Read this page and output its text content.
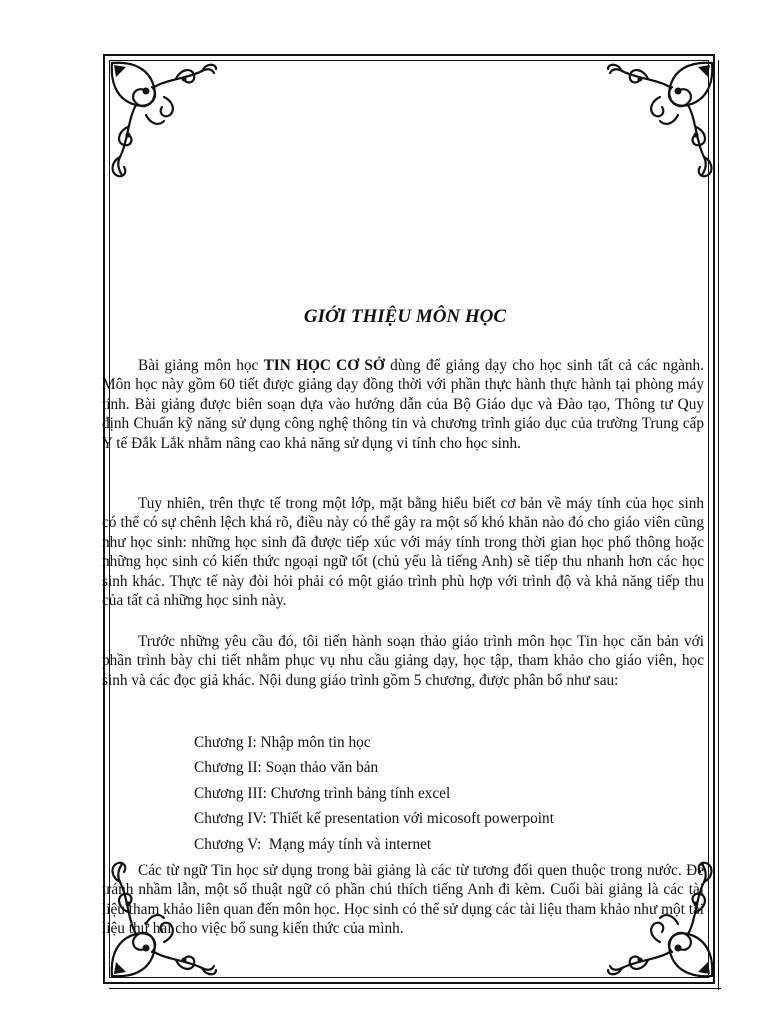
GIỚI THIỆU MÔN HỌC

Bài giảng môn học TIN HỌC CƠ SỞ dùng để giảng dạy cho học sinh tất cả các ngành. Môn học này gồm 60 tiết được giảng dạy đồng thời với phần thực hành thực hành tại phòng máy tính. Bài giảng được biên soạn dựa vào hướng dẫn của Bộ Giáo dục và Đào tạo, Thông tư Quy định Chuẩn kỹ năng sử dụng công nghệ thông tin và chương trình giáo dục của trường Trung cấp Y tế Đắk Lắk nhằm nâng cao khả năng sử dụng vi tính cho học sinh.

Tuy nhiên, trên thực tế trong một lớp, mặt bằng hiểu biết cơ bản về máy tính của học sinh có thể có sự chênh lệch khá rõ, điều này có thể gây ra một số khó khăn nào đó cho giáo viên cũng như học sinh: những học sinh đã được tiếp xúc với máy tính trong thời gian học phổ thông hoặc những học sinh có kiến thức ngoại ngữ tốt (chủ yếu là tiếng Anh) sẽ tiếp thu nhanh hơn các học sinh khác. Thực tế này đòi hỏi phải có một giáo trình phù hợp với trình độ và khả năng tiếp thu của tất cả những học sinh này.

Trước những yêu cầu đó, tôi tiến hành soạn thảo giáo trình môn học Tin học căn bản với phần trình bày chi tiết nhằm phục vụ nhu cầu giảng dạy, học tập, tham khảo cho giáo viên, học sinh và các đọc giả khác. Nội dung giáo trình gồm 5 chương, được phân bổ như sau:

Chương I: Nhập môn tin học
Chương II: Soạn thảo văn bản
Chương III: Chương trình bảng tính excel
Chương IV: Thiết kế presentation với micosoft powerpoint
Chương V:  Mạng máy tính và internet

Các từ ngữ Tin học sử dụng trong bài giảng là các từ tương đối quen thuộc trong nước. Để tránh nhầm lẫn, một số thuật ngữ có phần chú thích tiếng Anh đi kèm. Cuối bài giảng là các tài liệu tham khảo liên quan đến môn học. Học sinh có thể sử dụng các tài liệu tham khảo như một tài liệu thứ hai cho việc bổ sung kiến thức của mình.
